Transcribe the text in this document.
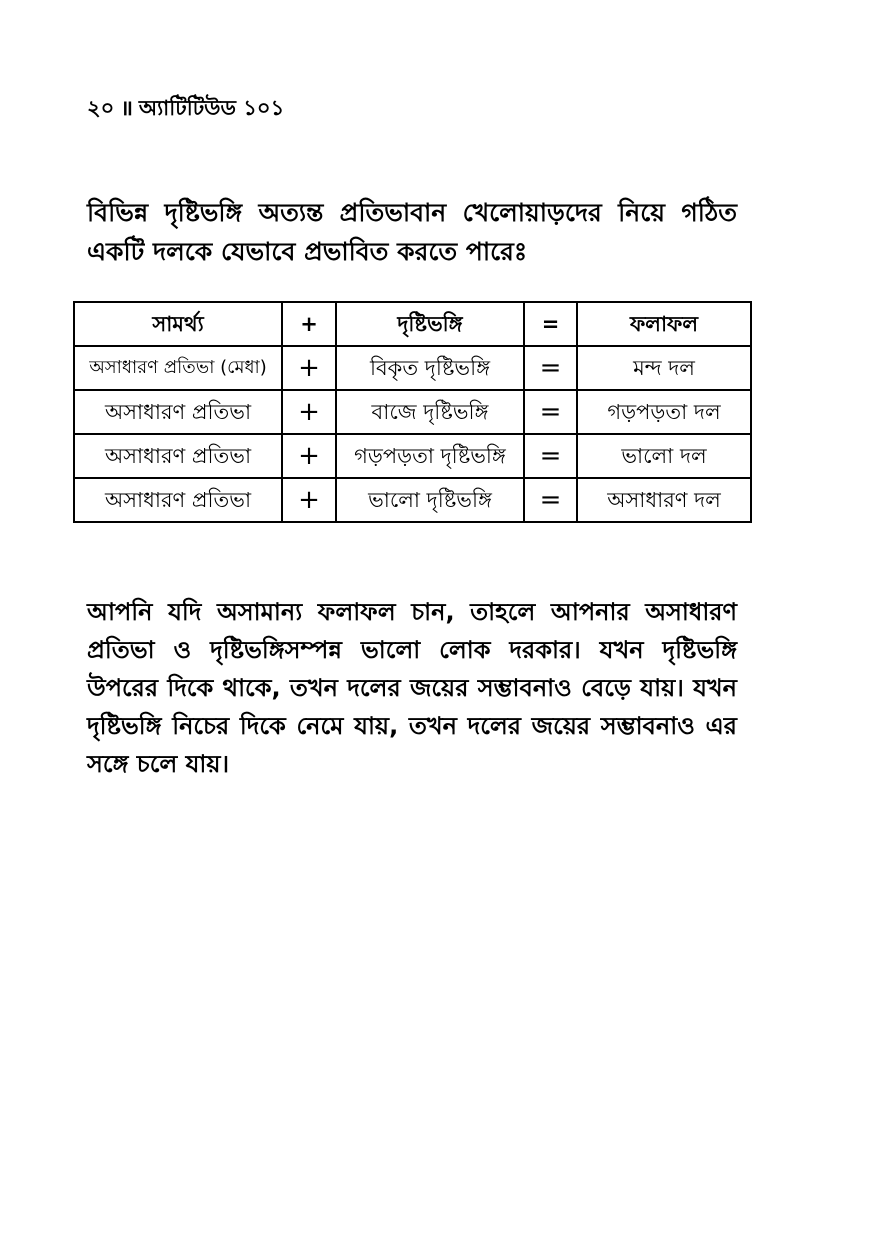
২০ ॥ অ্যাটিটিউড ১০১

বিভিন্ন দৃষ্টিভঙ্গি অত্যন্ত প্রতিভাবান খেলোয়াড়দের নিয়ে গঠিত একটি দলকে যেভাবে প্রভাবিত করতে পারেঃ

সামর্থ্য	+	দৃষ্টিভঙ্গি	=	ফলাফল
অসাধারণ প্রতিভা (মেধা)	+	বিকৃত দৃষ্টিভঙ্গি	=	মন্দ দল
অসাধারণ প্রতিভা	+	বাজে দৃষ্টিভঙ্গি	=	গড়পড়তা দল
অসাধারণ প্রতিভা	+	গড়পড়তা দৃষ্টিভঙ্গি	=	ভালো দল
অসাধারণ প্রতিভা	+	ভালো দৃষ্টিভঙ্গি	=	অসাধারণ দল

আপনি যদি অসামান্য ফলাফল চান, তাহলে আপনার অসাধারণ প্রতিভা ও দৃষ্টিভঙ্গিসম্পন্ন ভালো লোক দরকার। যখন দৃষ্টিভঙ্গি উপরের দিকে থাকে, তখন দলের জয়ের সম্ভাবনাও বেড়ে যায়। যখন দৃষ্টিভঙ্গি নিচের দিকে নেমে যায়, তখন দলের জয়ের সম্ভাবনাও এর সঙ্গে চলে যায়।
